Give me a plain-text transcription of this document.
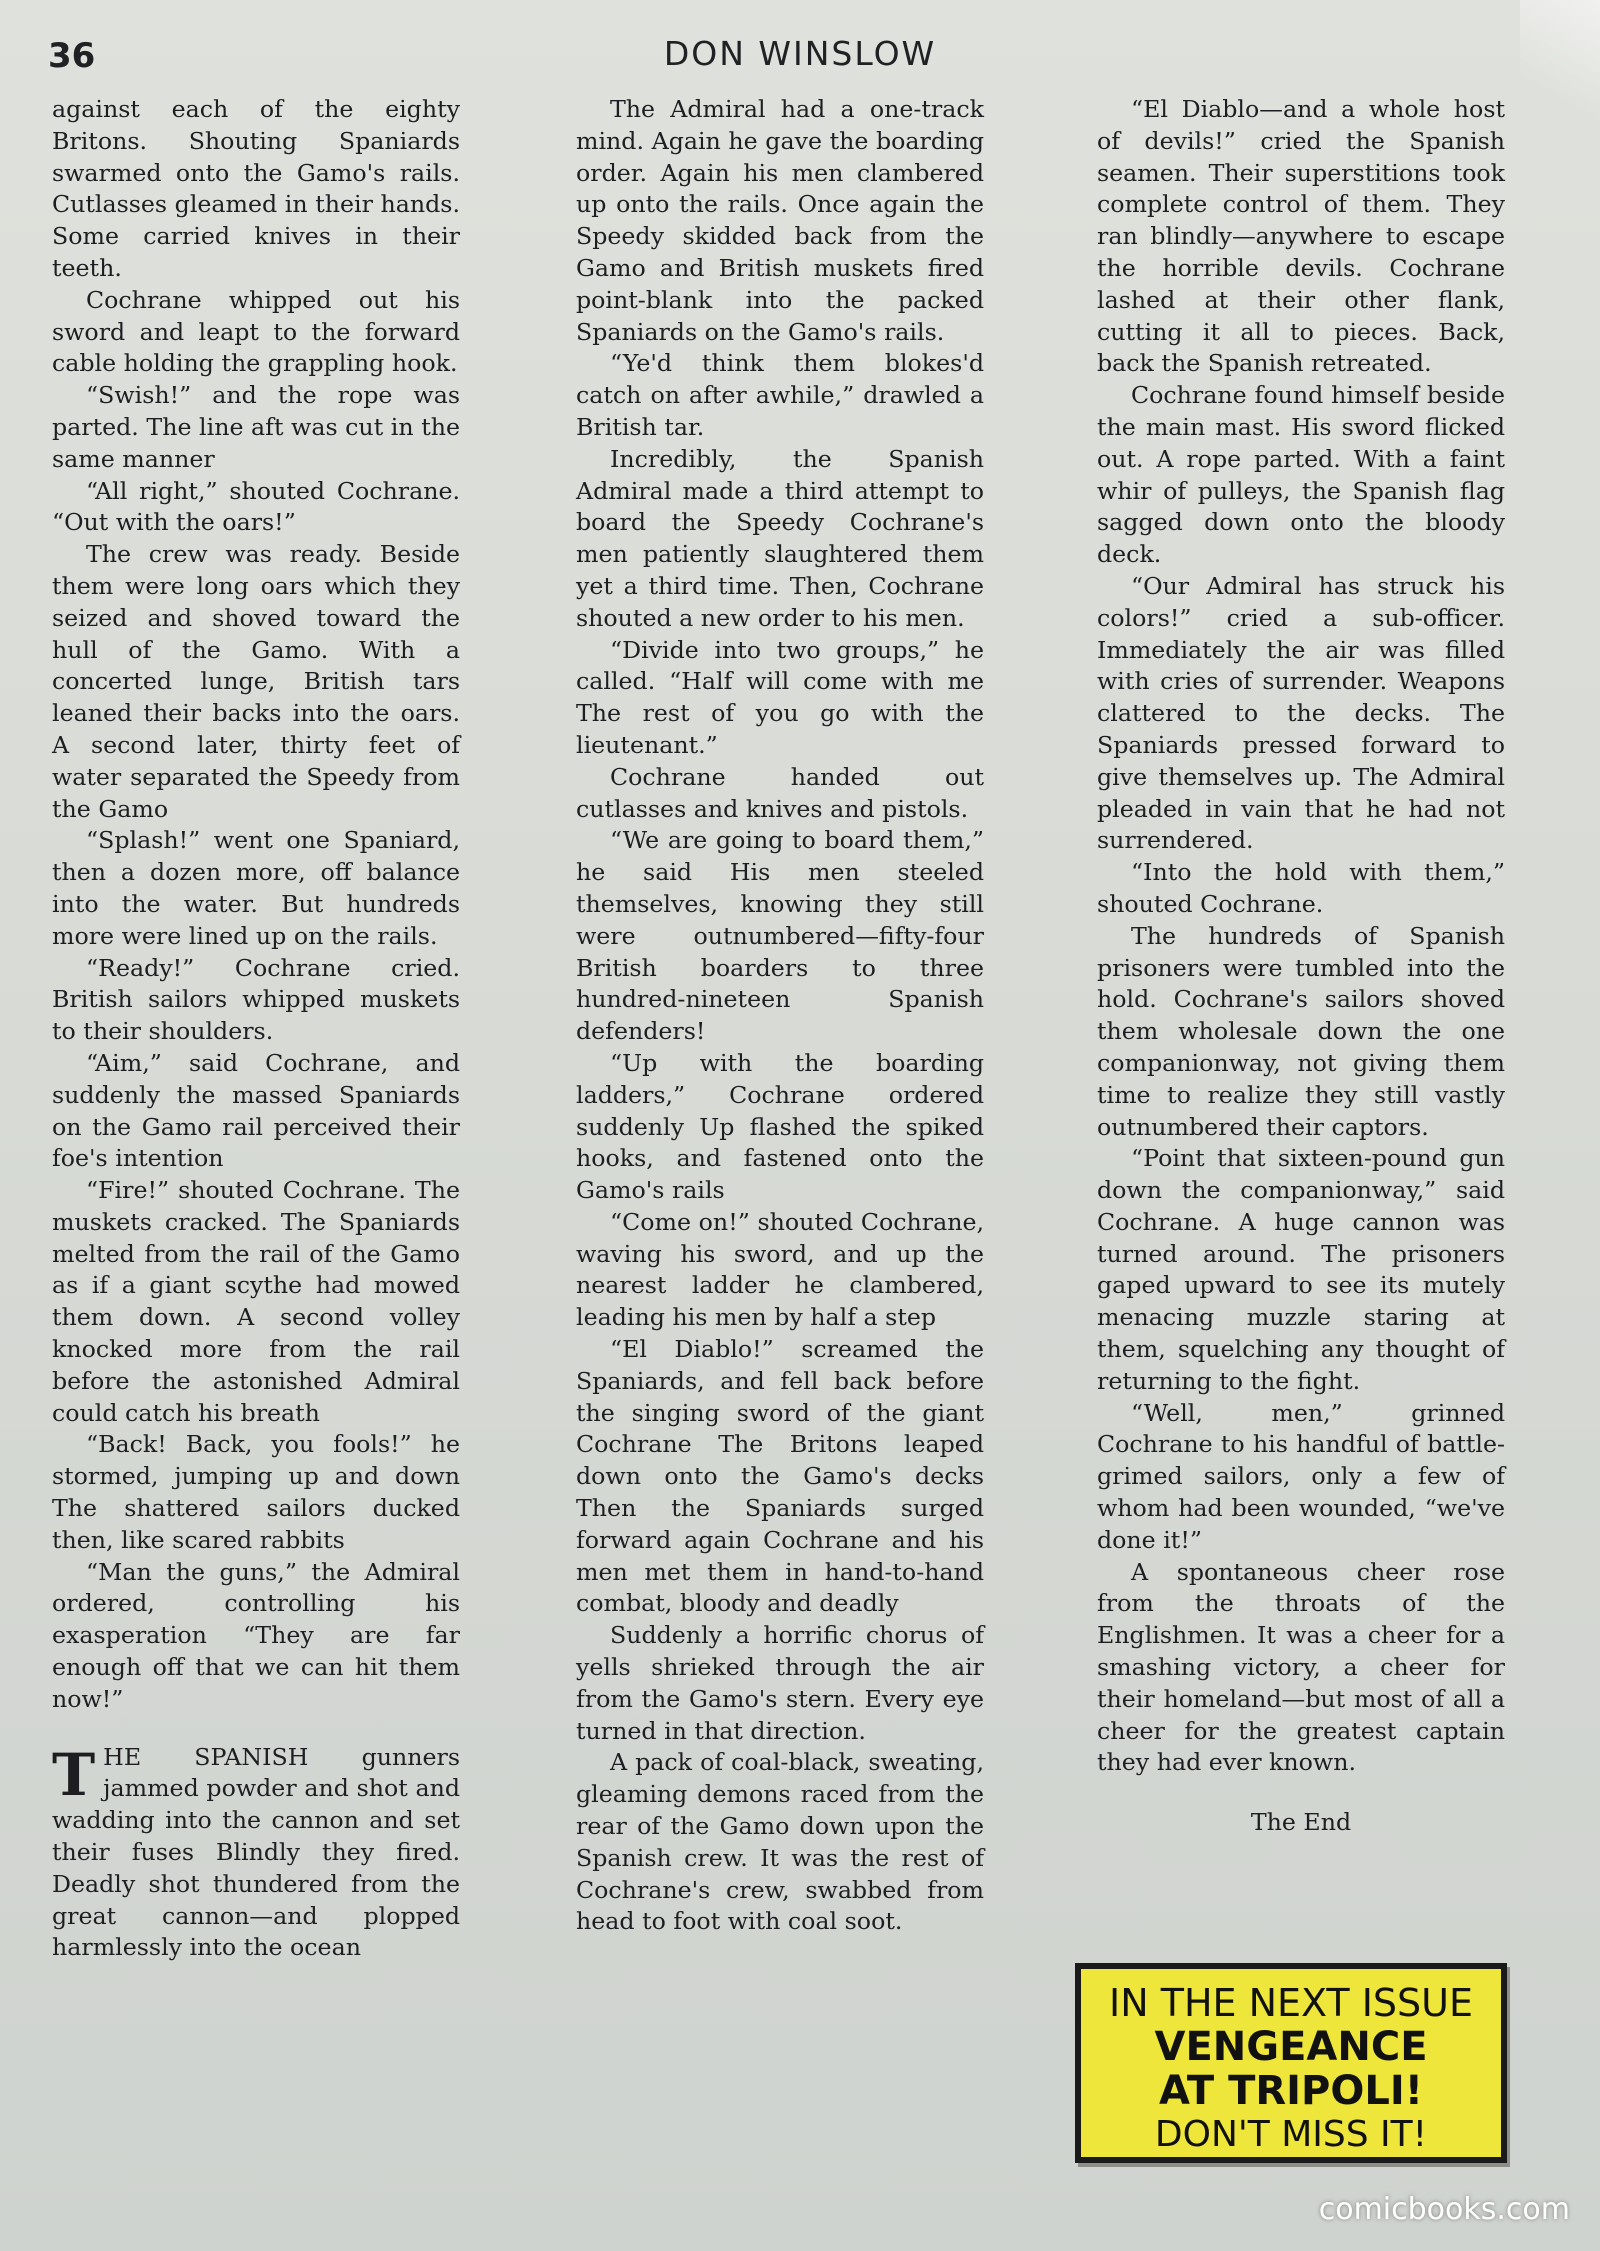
36	DON WINSLOW

against each of the eighty Britons. Shouting Spaniards swarmed onto the Gamo's rails. Cutlasses gleamed in their hands. Some carried knives in their teeth.

Cochrane whipped out his sword and leapt to the forward cable holding the grappling hook.

“Swish!” and the rope was parted. The line aft was cut in the same manner

“All right,” shouted Cochrane. “Out with the oars!”

The crew was ready. Beside them were long oars which they seized and shoved toward the hull of the Gamo. With a concerted lunge, British tars leaned their backs into the oars. A second later, thirty feet of water separated the Speedy from the Gamo

“Splash!” went one Spaniard, then a dozen more, off balance into the water. But hundreds more were lined up on the rails.

“Ready!” Cochrane cried. British sailors whipped muskets to their shoulders.

“Aim,” said Cochrane, and suddenly the massed Spaniards on the Gamo rail perceived their foe's intention

“Fire!” shouted Cochrane. The muskets cracked. The Spaniards melted from the rail of the Gamo as if a giant scythe had mowed them down. A second volley knocked more from the rail before the astonished Admiral could catch his breath

“Back! Back, you fools!” he stormed, jumping up and down The shattered sailors ducked then, like scared rabbits

“Man the guns,” the Admiral ordered, controlling his exasperation “They are far enough off that we can hit them now!”

THE SPANISH gunners jammed powder and shot and wadding into the cannon and set their fuses Blindly they fired. Deadly shot thundered from the great cannon—and plopped harmlessly into the ocean

The Admiral had a one-track mind. Again he gave the boarding order. Again his men clambered up onto the rails. Once again the Speedy skidded back from the Gamo and British muskets fired point-blank into the packed Spaniards on the Gamo's rails.

“Ye'd think them blokes'd catch on after awhile,” drawled a British tar.

Incredibly, the Spanish Admiral made a third attempt to board the Speedy Cochrane's men patiently slaughtered them yet a third time. Then, Cochrane shouted a new order to his men.

“Divide into two groups,” he called. “Half will come with me The rest of you go with the lieutenant.”

Cochrane handed out cutlasses and knives and pistols.

“We are going to board them,” he said His men steeled themselves, knowing they still were outnumbered—fifty-four British boarders to three hundred-nineteen Spanish defenders!

“Up with the boarding ladders,” Cochrane ordered suddenly Up flashed the spiked hooks, and fastened onto the Gamo's rails

“Come on!” shouted Cochrane, waving his sword, and up the nearest ladder he clambered, leading his men by half a step

“El Diablo!” screamed the Spaniards, and fell back before the singing sword of the giant Cochrane The Britons leaped down onto the Gamo's decks Then the Spaniards surged forward again Cochrane and his men met them in hand-to-hand combat, bloody and deadly

Suddenly a horrific chorus of yells shrieked through the air from the Gamo's stern. Every eye turned in that direction.

A pack of coal-black, sweating, gleaming demons raced from the rear of the Gamo down upon the Spanish crew. It was the rest of Cochrane's crew, swabbed from head to foot with coal soot.

“El Diablo—and a whole host of devils!” cried the Spanish seamen. Their superstitions took complete control of them. They ran blindly—anywhere to escape the horrible devils. Cochrane lashed at their other flank, cutting it all to pieces. Back, back the Spanish retreated.

Cochrane found himself beside the main mast. His sword flicked out. A rope parted. With a faint whir of pulleys, the Spanish flag sagged down onto the bloody deck.

“Our Admiral has struck his colors!” cried a sub-officer. Immediately the air was filled with cries of surrender. Weapons clattered to the decks. The Spaniards pressed forward to give themselves up. The Admiral pleaded in vain that he had not surrendered.

“Into the hold with them,” shouted Cochrane.

The hundreds of Spanish prisoners were tumbled into the hold. Cochrane's sailors shoved them wholesale down the one companionway, not giving them time to realize they still vastly outnumbered their captors.

“Point that sixteen-pound gun down the companionway,” said Cochrane. A huge cannon was turned around. The prisoners gaped upward to see its mutely menacing muzzle staring at them, squelching any thought of returning to the fight.

“Well, men,” grinned Cochrane to his handful of battle-grimed sailors, only a few of whom had been wounded, “we've done it!”

A spontaneous cheer rose from the throats of the Englishmen. It was a cheer for a smashing victory, a cheer for their homeland—but most of all a cheer for the greatest captain they had ever known.

The End

IN THE NEXT ISSUE
VENGEANCE
AT TRIPOLI!
DON'T MISS IT!
comicbooks.com
